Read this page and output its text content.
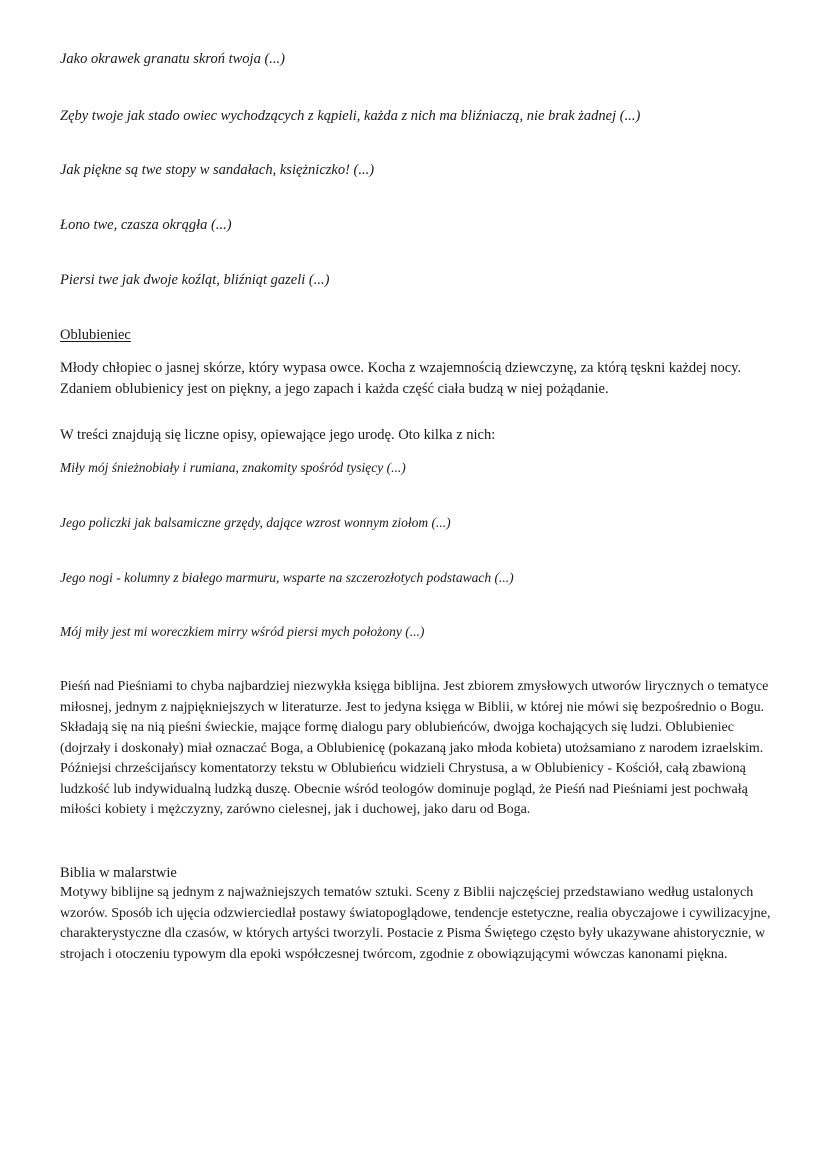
Jako okrawek granatu skroń twoja (...)

Zęby twoje jak stado owiec wychodzących z kąpieli, każda z nich ma bliźniaczą, nie brak żadnej (...)

Jak piękne są twe stopy w sandałach, księżniczko! (...)

Łono twe, czasza okrągła (...)

Piersi twe jak dwoje koźląt, bliźniąt gazeli (...)

Oblubieniec

Młody chłopiec o jasnej skórze, który wypasa owce. Kocha z wzajemnością dziewczynę, za którą tęskni każdej nocy. Zdaniem oblubienicy jest on piękny, a jego zapach i każda część ciała budzą w niej pożądanie.

W treści znajdują się liczne opisy, opiewające jego urodę. Oto kilka z nich:

Miły mój śnieżnobiały i rumiana, znakomity spośród tysięcy (...)

Jego policzki jak balsamiczne grzędy, dające wzrost wonnym ziołom (...)

Jego nogi - kolumny z białego marmuru, wsparte na szczerozłotych podstawach (...)

Mój miły jest mi woreczkiem mirry wśród piersi mych położony (...)

Pieśń nad Pieśniami to chyba najbardziej niezwykła księga biblijna. Jest zbiorem zmysłowych utworów lirycznych o tematyce miłosnej, jednym z najpiękniejszych w literaturze. Jest to jedyna księga w Biblii, w której nie mówi się bezpośrednio o Bogu. Składają się na nią pieśni świeckie, mające formę dialogu pary oblubieńców, dwojga kochających się ludzi. Oblubieniec (dojrzały i doskonały) miał oznaczać Boga, a Oblubienicę (pokazaną jako młoda kobieta) utożsamiano z narodem izraelskim. Późniejsi chrześcijańscy komentatorzy tekstu w Oblubieńcu widzieli Chrystusa, a w Oblubienicy - Kościół, całą zbawioną ludzkość lub indywidualną ludzką duszę. Obecnie wśród teologów dominuje pogląd, że Pieśń nad Pieśniami jest pochwałą miłości kobiety i mężczyzny, zarówno cielesnej, jak i duchowej, jako daru od Boga.

Biblia w malarstwie

Motywy biblijne są jednym z najważniejszych tematów sztuki. Sceny z Biblii najczęściej przedstawiano według ustalonych wzorów. Sposób ich ujęcia odzwierciedlał postawy światopoglądowe, tendencje estetyczne, realia obyczajowe i cywilizacyjne, charakterystyczne dla czasów, w których artyści tworzyli. Postacie z Pisma Świętego często były ukazywane ahistorycznie, w strojach i otoczeniu typowym dla epoki współczesnej twórcom, zgodnie z obowiązującymi wówczas kanonami piękna.
